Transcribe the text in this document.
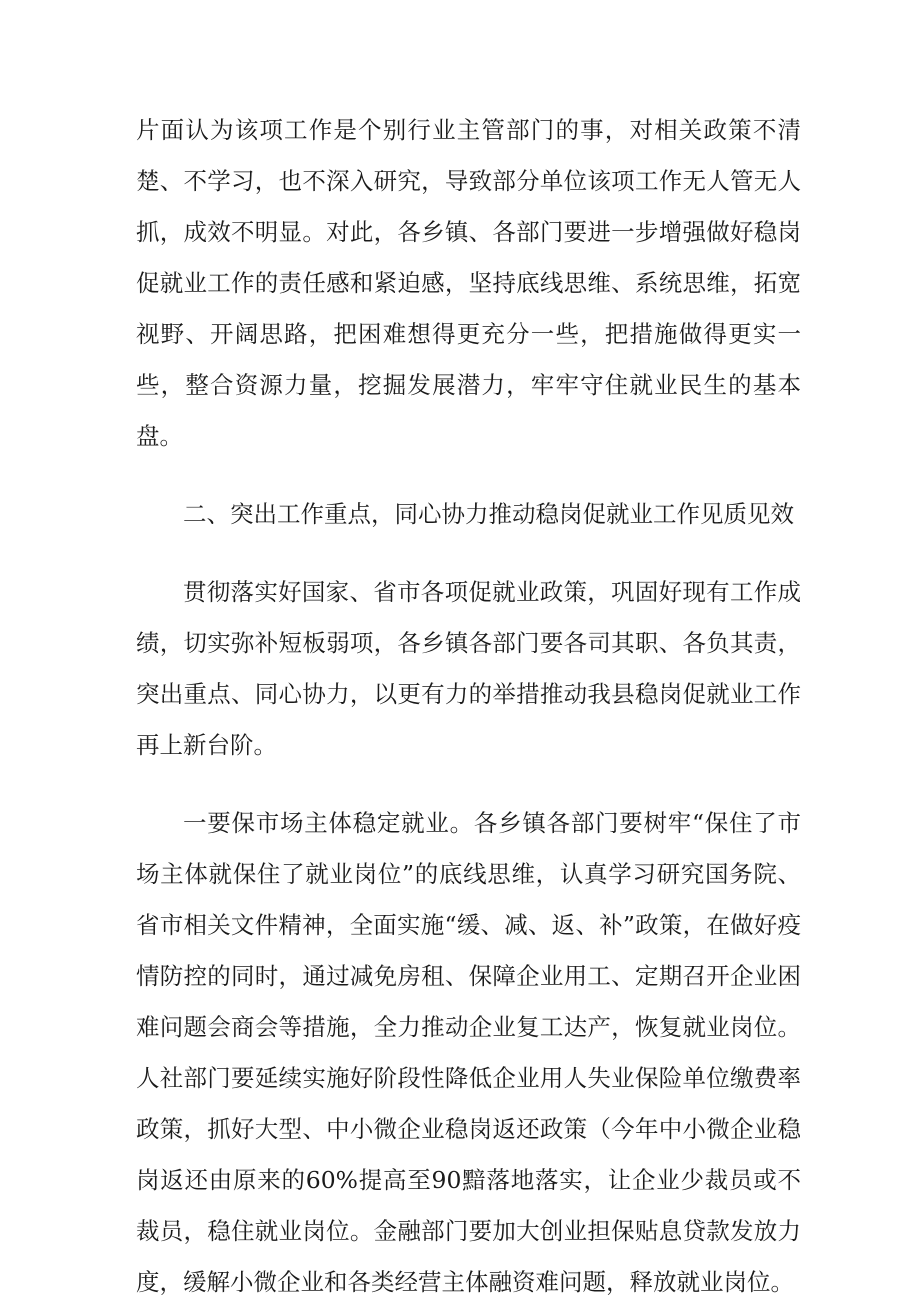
片面认为该项工作是个别行业主管部门的事，对相关政策不清楚、不学习，也不深入研究，导致部分单位该项工作无人管无人抓，成效不明显。对此，各乡镇、各部门要进一步增强做好稳岗促就业工作的责任感和紧迫感，坚持底线思维、系统思维，拓宽视野、开阔思路，把困难想得更充分一些，把措施做得更实一些，整合资源力量，挖掘发展潜力，牢牢守住就业民生的基本盘。

二、突出工作重点，同心协力推动稳岗促就业工作见质见效

贯彻落实好国家、省市各项促就业政策，巩固好现有工作成绩，切实弥补短板弱项，各乡镇各部门要各司其职、各负其责，突出重点、同心协力，以更有力的举措推动我县稳岗促就业工作再上新台阶。

一要保市场主体稳定就业。各乡镇各部门要树牢“保住了市场主体就保住了就业岗位”的底线思维，认真学习研究国务院、省市相关文件精神，全面实施“缓、减、返、补”政策，在做好疫情防控的同时，通过减免房租、保障企业用工、定期召开企业困难问题会商会等措施，全力推动企业复工达产，恢复就业岗位。人社部门要延续实施好阶段性降低企业用人失业保险单位缴费率政策，抓好大型、中小微企业稳岗返还政策（今年中小微企业稳岗返还由原来的60%提高至90黯落地落实，让企业少裁员或不裁员，稳住就业岗位。金融部门要加大创业担保贴息贷款发放力度，缓解小微企业和各类经营主体融资难问题，释放就业岗位。
